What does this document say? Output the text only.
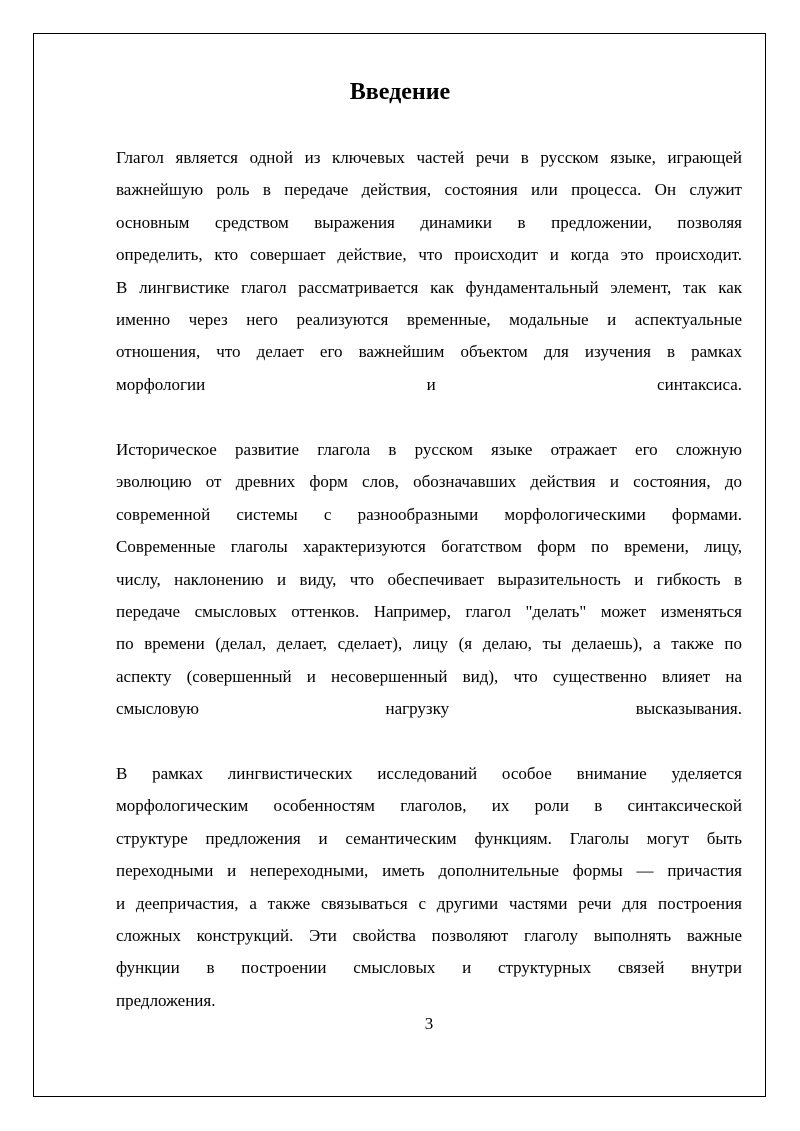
Введение
Глагол является одной из ключевых частей речи в русском языке, играющей
важнейшую роль в передаче действия, состояния или процесса. Он служит
основным средством выражения динамики в предложении, позволяя
определить, кто совершает действие, что происходит и когда это происходит.
В лингвистике глагол рассматривается как фундаментальный элемент, так как
именно через него реализуются временные, модальные и аспектуальные
отношения, что делает его важнейшим объектом для изучения в рамках
морфологии и синтаксиса.
Историческое развитие глагола в русском языке отражает его сложную
эволюцию от древних форм слов, обозначавших действия и состояния, до
современной системы с разнообразными морфологическими формами.
Современные глаголы характеризуются богатством форм по времени, лицу,
числу, наклонению и виду, что обеспечивает выразительность и гибкость в
передаче смысловых оттенков. Например, глагол "делать" может изменяться
по времени (делал, делает, сделает), лицу (я делаю, ты делаешь), а также по
аспекту (совершенный и несовершенный вид), что существенно влияет на
смысловую нагрузку высказывания.
В рамках лингвистических исследований особое внимание уделяется
морфологическим особенностям глаголов, их роли в синтаксической
структуре предложения и семантическим функциям. Глаголы могут быть
переходными и непереходными, иметь дополнительные формы — причастия
и деепричастия, а также связываться с другими частями речи для построения
сложных конструкций. Эти свойства позволяют глаголу выполнять важные
функции в построении смысловых и структурных связей внутри
предложения.
3
